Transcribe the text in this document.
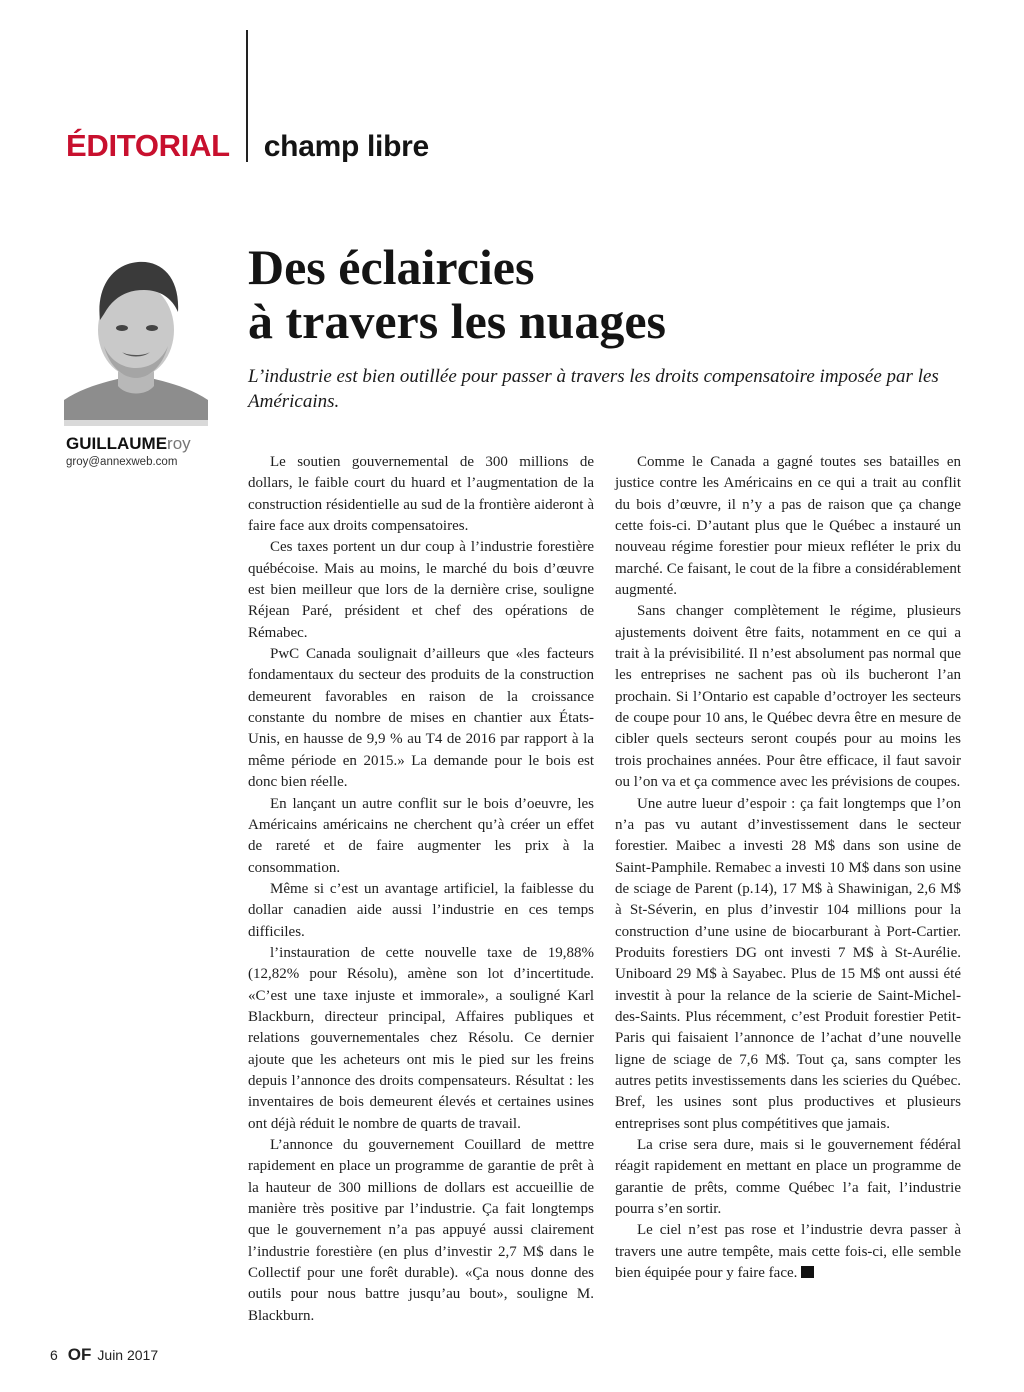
ÉDITORIAL champ libre
GUILLAUMEroy
groy@annexweb.com
Des éclaircies
à travers les nuages

L’industrie est bien outillée pour passer à travers les droits compensatoire imposée par les Américains.

Le soutien gouvernemental de 300 millions de dollars, le faible court du huard et l’augmentation de la construction résidentielle au sud de la frontière aideront à faire face aux droits compensatoires.

Ces taxes portent un dur coup à l’industrie forestière québécoise. Mais au moins, le marché du bois d’œuvre est bien meilleur que lors de la dernière crise, souligne Réjean Paré, président et chef des opérations de Rémabec.

PwC Canada soulignait d’ailleurs que «les facteurs fondamentaux du secteur des produits de la construction demeurent favorables en raison de la croissance constante du nombre de mises en chantier aux États-Unis, en hausse de 9,9 % au T4 de 2016 par rapport à la même période en 2015.» La demande pour le bois est donc bien réelle.

En lançant un autre conflit sur le bois d’oeuvre, les Américains américains ne cherchent qu’à créer un effet de rareté et de faire augmenter les prix à la consommation.

Même si c’est un avantage artificiel, la faiblesse du dollar canadien aide aussi l’industrie en ces temps difficiles.

l’instauration de cette nouvelle taxe de 19,88% (12,82% pour Résolu), amène son lot d’incertitude. «C’est une taxe injuste et immorale», a souligné Karl Blackburn, directeur principal, Affaires publiques et relations gouvernementales chez Résolu. Ce dernier ajoute que les acheteurs ont mis le pied sur les freins depuis l’annonce des droits compensateurs. Résultat : les inventaires de bois demeurent élevés et certaines usines ont déjà réduit le nombre de quarts de travail.

L’annonce du gouvernement Couillard de mettre rapidement en place un programme de garantie de prêt à la hauteur de 300 millions de dollars est accueillie de manière très positive par l’industrie. Ça fait longtemps que le gouvernement n’a pas appuyé aussi clairement l’industrie forestière (en plus d’investir 2,7 M$ dans le Collectif pour une forêt durable). «Ça nous donne des outils pour nous battre jusqu’au bout», souligne M. Blackburn.

Comme le Canada a gagné toutes ses batailles en justice contre les Américains en ce qui a trait au conflit du bois d’œuvre, il n’y a pas de raison que ça change cette fois-ci. D’autant plus que le Québec a instauré un nouveau régime forestier pour mieux refléter le prix du marché. Ce faisant, le cout de la fibre a considérablement augmenté.

Sans changer complètement le régime, plusieurs ajustements doivent être faits, notamment en ce qui a trait à la prévisibilité. Il n’est absolument pas normal que les entreprises ne sachent pas où ils bucheront l’an prochain. Si l’Ontario est capable d’octroyer les secteurs de coupe pour 10 ans, le Québec devra être en mesure de cibler quels secteurs seront coupés pour au moins les trois prochaines années. Pour être efficace, il faut savoir ou l’on va et ça commence avec les prévisions de coupes.

Une autre lueur d’espoir : ça fait longtemps que l’on n’a pas vu autant d’investissement dans le secteur forestier. Maibec a investi 28 M$ dans son usine de Saint-Pamphile. Remabec a investi 10 M$ dans son usine de sciage de Parent (p.14), 17 M$ à Shawinigan, 2,6 M$ à St-Séverin, en plus d’investir 104 millions pour la construction d’une usine de biocarburant à Port-Cartier. Produits forestiers DG ont investi 7 M$ à St-Aurélie. Uniboard 29 M$ à Sayabec. Plus de 15 M$ ont aussi été investit à pour la relance de la scierie de Saint-Michel-des-Saints. Plus récemment, c’est Produit forestier Petit-Paris qui faisaient l’annonce de l’achat d’une nouvelle ligne de sciage de 7,6 M$. Tout ça, sans compter les autres petits investissements dans les scieries du Québec. Bref, les usines sont plus productives et plusieurs entreprises sont plus compétitives que jamais.

La crise sera dure, mais si le gouvernement fédéral réagit rapidement en mettant en place un programme de garantie de prêts, comme Québec l’a fait, l’industrie pourra s’en sortir.

Le ciel n’est pas rose et l’industrie devra passer à travers une autre tempête, mais cette fois-ci, elle semble bien équipée pour y faire face.OF

6 OF Juin 2017
